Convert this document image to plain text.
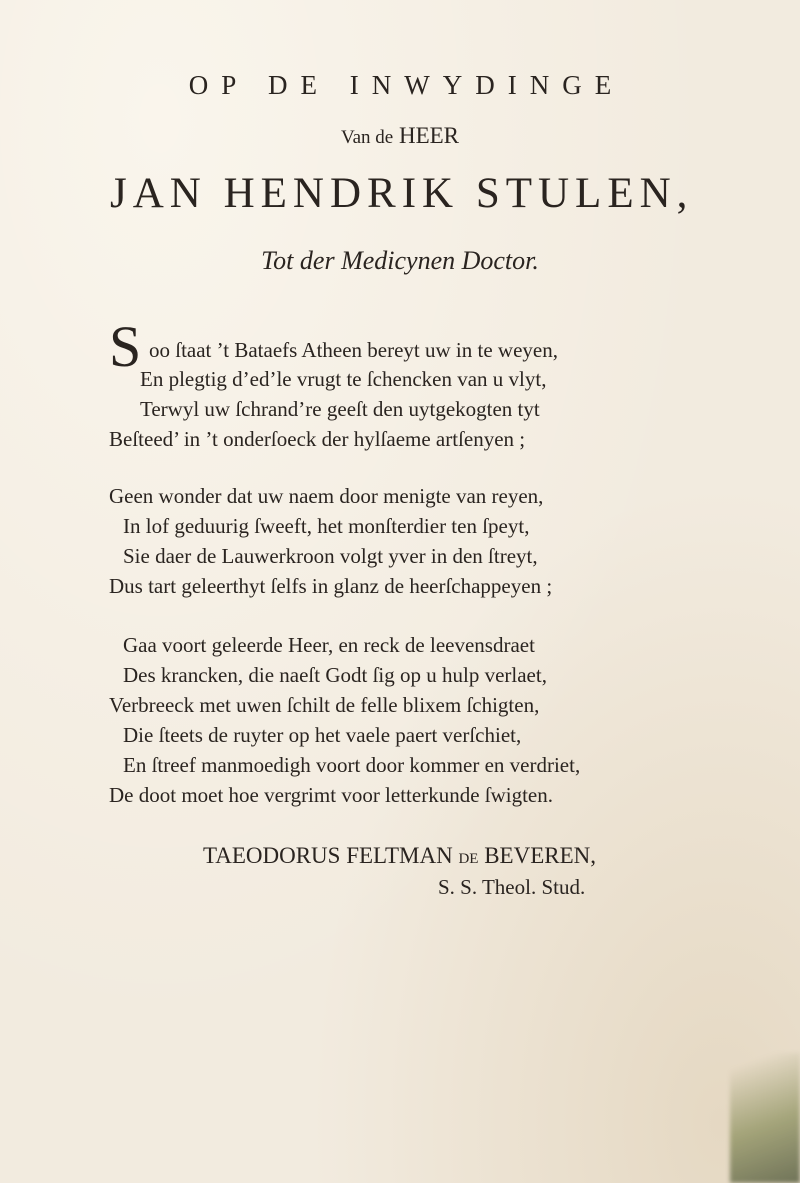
OP DE INWYDINGE
Van de HEER
JAN HENDRIK STULEN,
Tot der Medicynen Doctor.
S oo ſtaat ’t Bataefs Atheen bereyt uw in te weyen,
En plegtig d’ed’le vrugt te ſchencken van u vlyt,
Terwyl uw ſchrand’re geeſt den uytgekogten tyt
Beſteed’ in ’t onderſoeck der hylſaeme artſenyen ;
Geen wonder dat uw naem door menigte van reyen,
In lof geduurig ſweeft, het monſterdier ten ſpeyt,
Sie daer de Lauwerkroon volgt yver in den ſtreyt,
Dus tart geleerthyt ſelfs in glanz de heerſchappeyen ;
Gaa voort geleerde Heer, en reck de leevensdraet
Des krancken, die naeſt Godt ſig op u hulp verlaet,
Verbreeck met uwen ſchilt de felle blixem ſchigten,
Die ſteets de ruyter op het vaele paert verſchiet,
En ſtreef manmoedigh voort door kommer en verdriet,
De doot moet hoe vergrimt voor letterkunde ſwigten.
TAEODORUS FELTMAN DE BEVEREN,
S. S. Theol. Stud.
